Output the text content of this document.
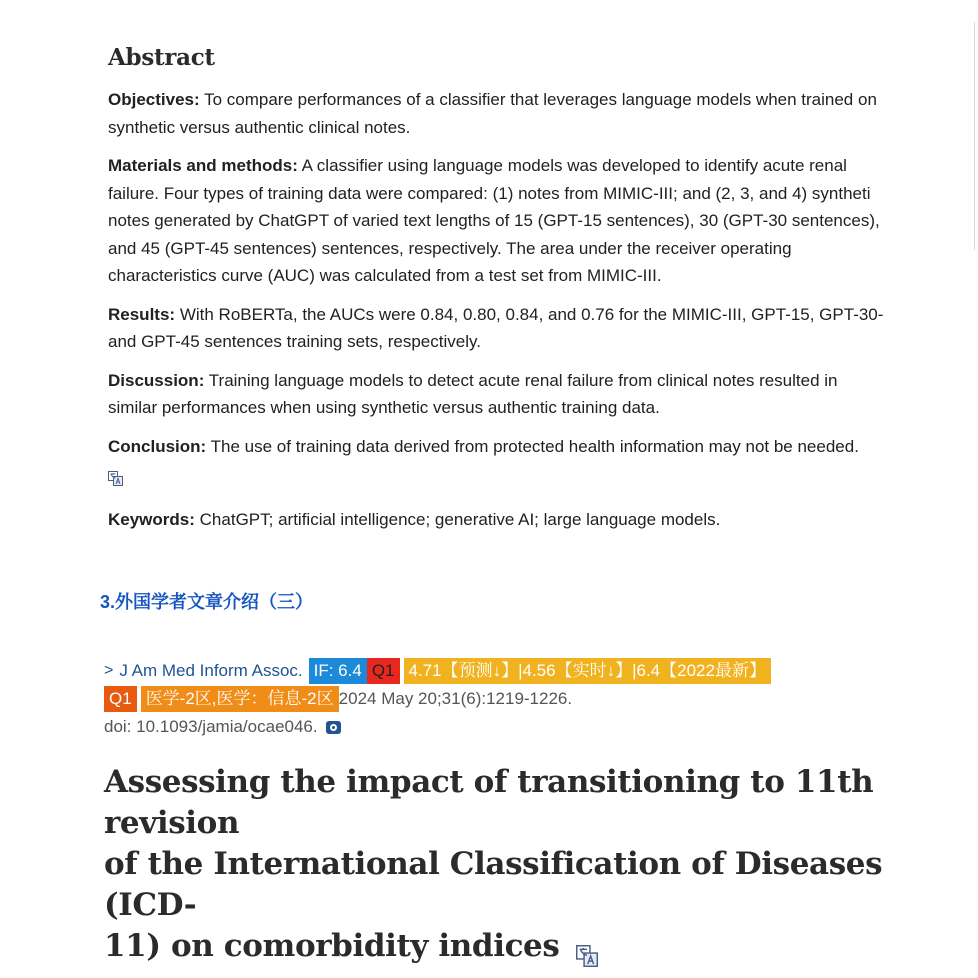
Abstract

Objectives: To compare performances of a classifier that leverages language models when trained on
synthetic versus authentic clinical notes.

Materials and methods: A classifier using language models was developed to identify acute renal
failure. Four types of training data were compared: (1) notes from MIMIC-III; and (2, 3, and 4) syntheti
notes generated by ChatGPT of varied text lengths of 15 (GPT-15 sentences), 30 (GPT-30 sentences),
and 45 (GPT-45 sentences) sentences, respectively. The area under the receiver operating
characteristics curve (AUC) was calculated from a test set from MIMIC-III.

Results: With RoBERTa, the AUCs were 0.84, 0.80, 0.84, and 0.76 for the MIMIC-III, GPT-15, GPT-30-
and GPT-45 sentences training sets, respectively.

Discussion: Training language models to detect acute renal failure from clinical notes resulted in
similar performances when using synthetic versus authentic training data.

Conclusion: The use of training data derived from protected health information may not be needed.

Keywords: ChatGPT; artificial intelligence; generative AI; large language models.

3.外国学者文章介绍（三）
> J Am Med Inform Assoc. IF: 6.4 Q1 4.71【预测↓】|4.56【实时↓】|6.4【2022最新】
Q1 医学-2区,医学：信息-2区 2024 May 20;31(6):1219-1226.
doi: 10.1093/jamia/ocae046.
Assessing the impact of transitioning to 11th revision
of the International Classification of Diseases (ICD-
11) on comorbidity indices
